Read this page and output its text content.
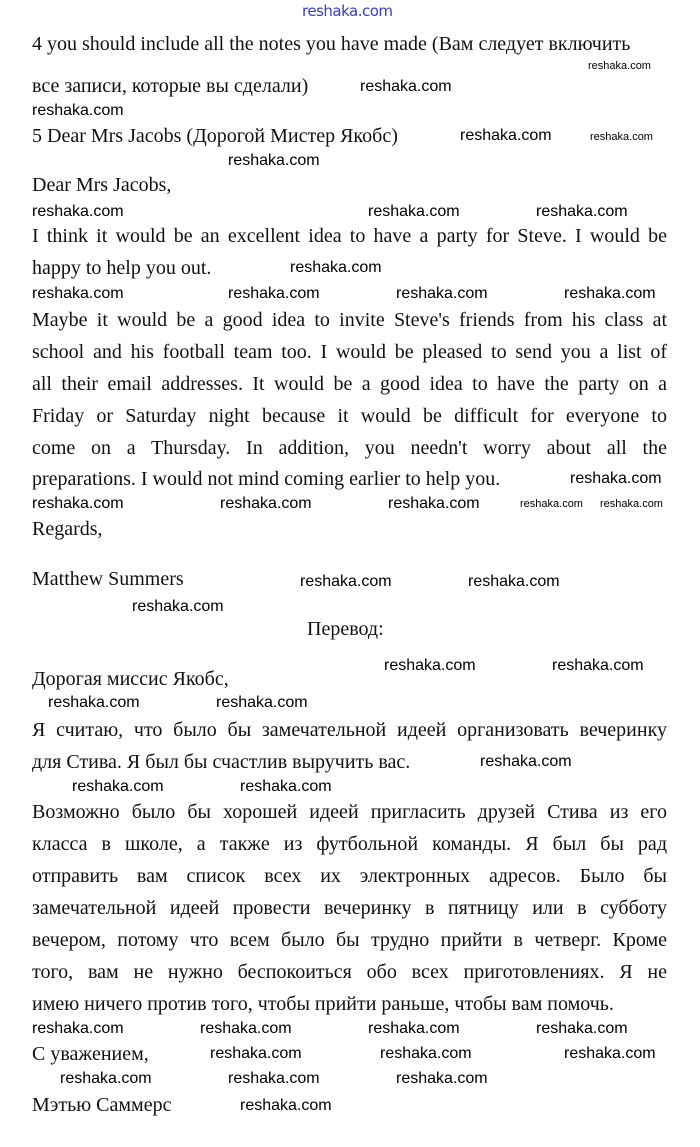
reshaka.com
4 you should include all the notes you have made (Вам следует включить
все записи, которые вы сделали)
5 Dear Mrs Jacobs (Дорогой Мистер Якобс)
Dear Mrs Jacobs,
I think it would be an excellent idea to have a party for Steve. I would be
happy to help you out.
Maybe it would be a good idea to invite Steve's friends from his class at
school and his football team too. I would be pleased to send you a list of
all their email addresses. It would be a good idea to have the party on a
Friday or Saturday night because it would be difficult for everyone to
come on a Thursday. In addition, you needn't worry about all the
preparations. I would not mind coming earlier to help you.
Regards,
Matthew Summers
Перевод:
Дорогая миссис Якобс,
Я считаю, что было бы замечательной идеей организовать вечеринку
для Стива. Я был бы счастлив выручить вас.
Возможно было бы хорошей идеей пригласить друзей Стива из его
класса в школе, а также из футбольной команды. Я был бы рад
отправить вам список всех их электронных адресов. Было бы
замечательной идеей провести вечеринку в пятницу или в субботу
вечером, потому что всем было бы трудно прийти в четверг. Кроме
того, вам не нужно беспокоиться обо всех приготовлениях. Я не
имею ничего против того, чтобы прийти раньше, чтобы вам помочь.
С уважением,
Мэтью Саммерс
reshaka.com
reshaka.com
reshaka.com
reshaka.com	reshaka.com
reshaka.com
reshaka.com	reshaka.com	reshaka.com
reshaka.com
reshaka.com	reshaka.com	reshaka.com	reshaka.com
reshaka.com
reshaka.com	reshaka.com	reshaka.com	reshaka.com reshaka.com
reshaka.com	reshaka.com
reshaka.com
reshaka.com	reshaka.com
reshaka.com	reshaka.com
reshaka.com
reshaka.com	reshaka.com
reshaka.com	reshaka.com	reshaka.com	reshaka.com
reshaka.com	reshaka.com	reshaka.com
reshaka.com	reshaka.com	reshaka.com
reshaka.com
